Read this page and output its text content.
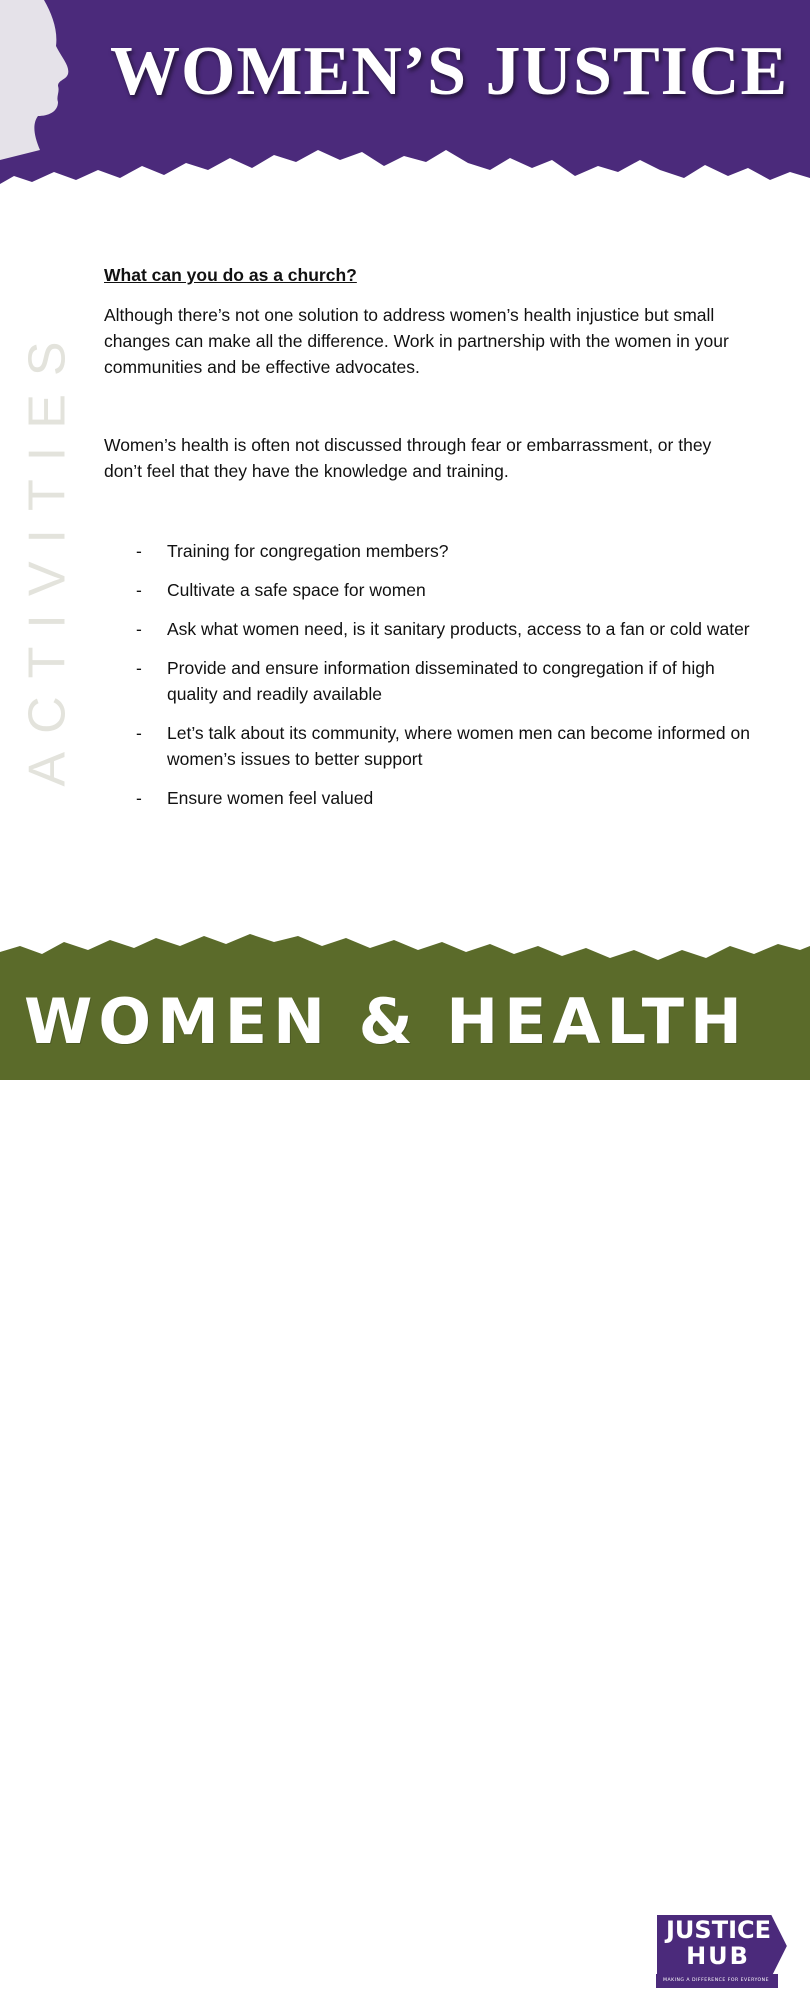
WOMEN’S JUSTICE
ACTIVITIES

What can you do as a church?

Although there’s not one solution to address women’s health injustice but small changes can make all the difference. Work in partnership with the women in your communities and be effective advocates.

Women’s health is often not discussed through fear or embarrassment, or they don’t feel that they have the knowledge and training.

- Training for congregation members?
- Cultivate a safe space for women
- Ask what women need, is it sanitary products, access to a fan or cold water
- Provide and ensure information disseminated to congregation if of high quality and readily available
- Let’s talk about its community, where women men can become informed on women’s issues to better support
- Ensure women feel valued
JUSTICE
HUB
MAKING A DIFFERENCE FOR EVERYONE
WOMEN & HEALTH
